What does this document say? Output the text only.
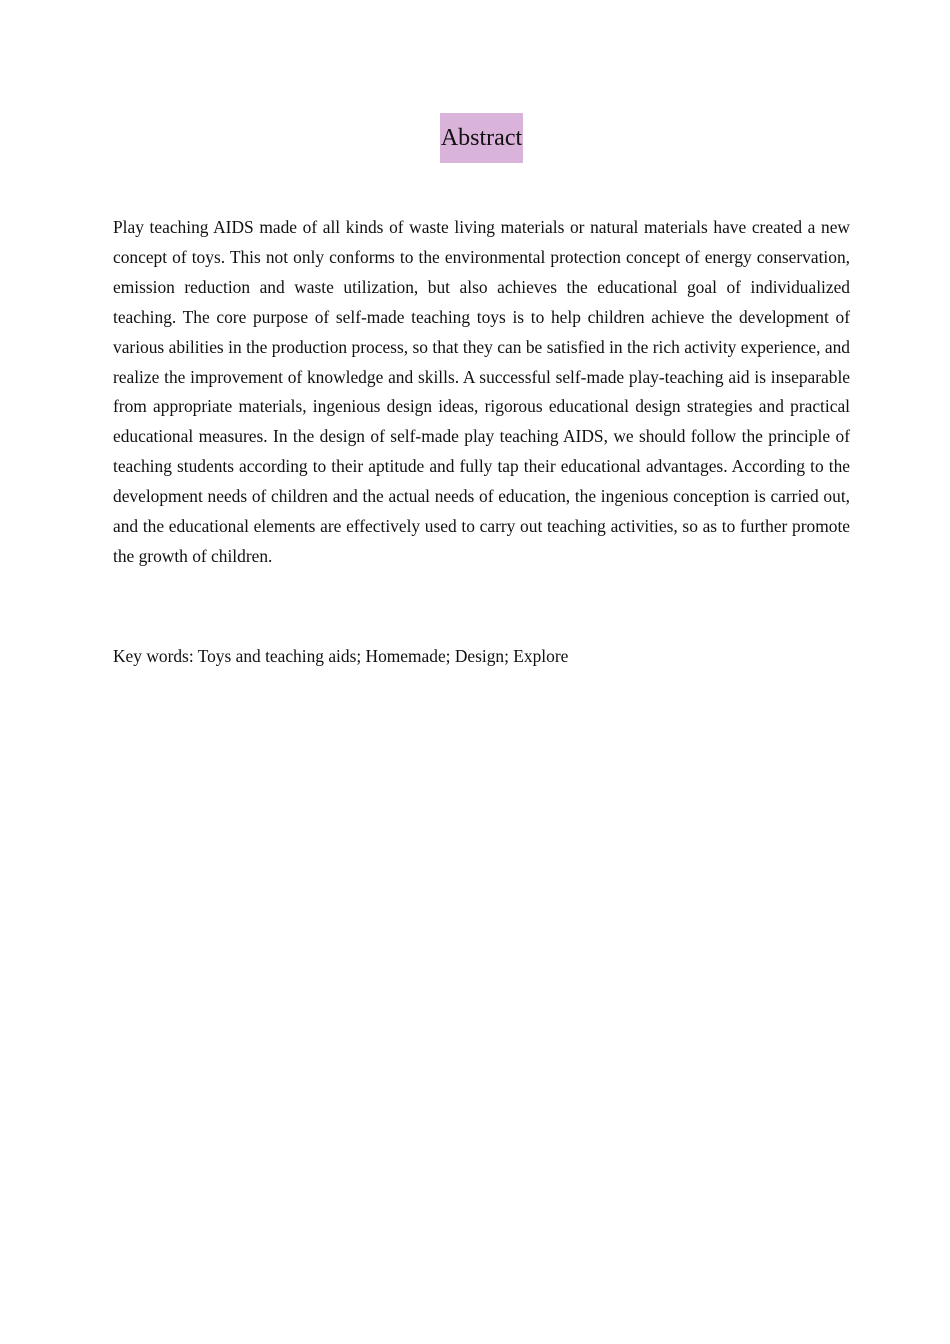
Abstract

Play teaching AIDS made of all kinds of waste living materials or natural materials have created a new concept of toys. This not only conforms to the environmental protection concept of energy conservation, emission reduction and waste utilization, but also achieves the educational goal of individualized teaching. The core purpose of self-made teaching toys is to help children achieve the development of various abilities in the production process, so that they can be satisfied in the rich activity experience, and realize the improvement of knowledge and skills. A successful self-made play-teaching aid is inseparable from appropriate materials, ingenious design ideas, rigorous educational design strategies and practical educational measures. In the design of self-made play teaching AIDS, we should follow the principle of teaching students according to their aptitude and fully tap their educational advantages. According to the development needs of children and the actual needs of education, the ingenious conception is carried out, and the educational elements are effectively used to carry out teaching activities, so as to further promote the growth of children.

Key words: Toys and teaching aids; Homemade; Design; Explore
